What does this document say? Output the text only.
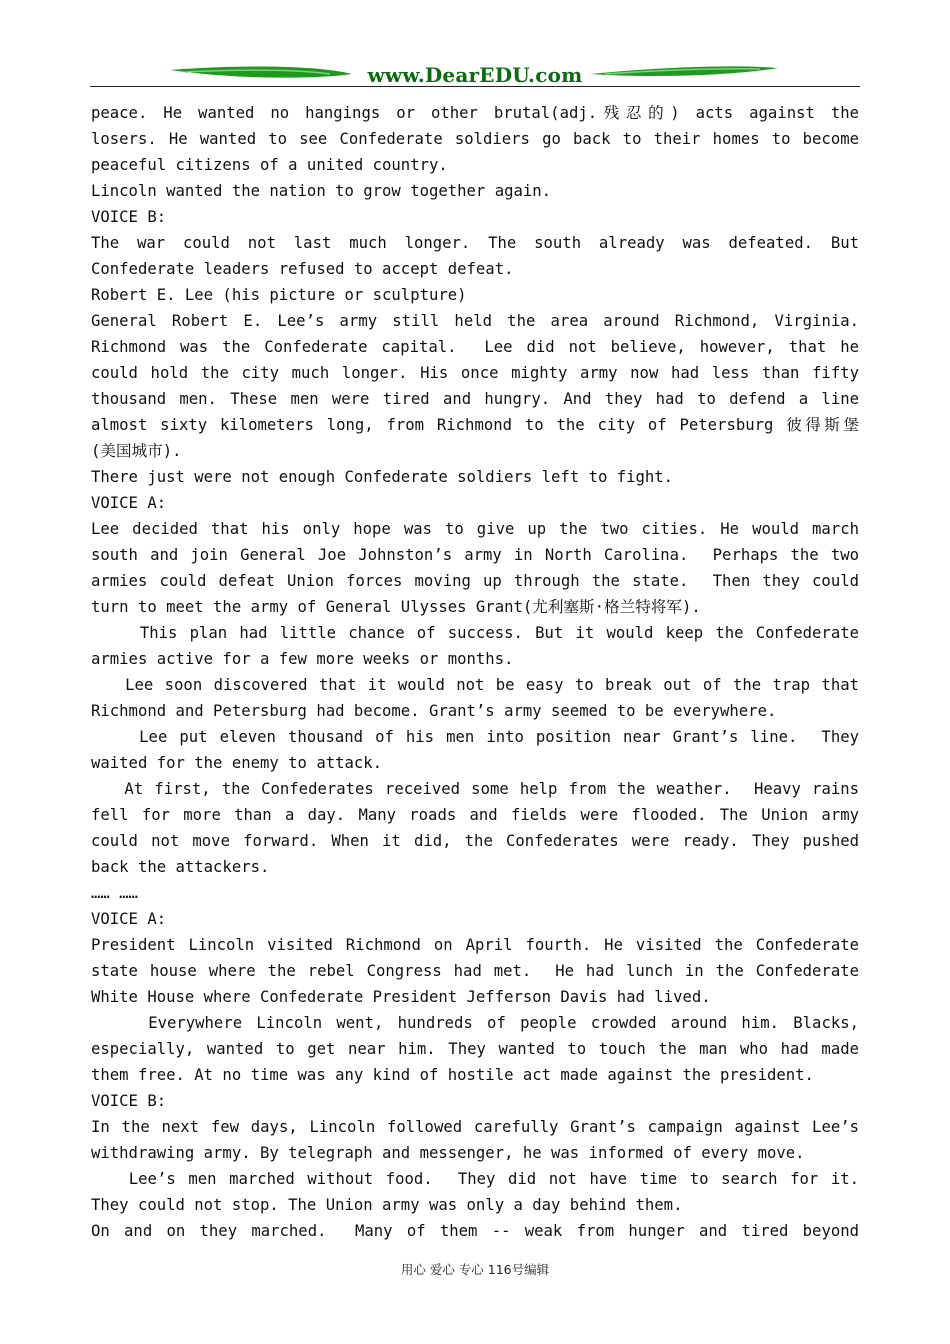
www.DearEDU.com
peace. He wanted no hangings or other brutal(adj.残忍的) acts against the
losers. He wanted to see Confederate soldiers go back to their homes to become
peaceful citizens of a united country.
Lincoln wanted the nation to grow together again.
VOICE B:
The war could not last much longer. The south already was defeated. But
Confederate leaders refused to accept defeat.
Robert E. Lee (his picture or sculpture)
General Robert E. Lee’s army still held the area around Richmond, Virginia.
Richmond was the Confederate capital.  Lee did not believe, however, that he
could hold the city much longer. His once mighty army now had less than fifty
thousand men. These men were tired and hungry. And they had to defend a line
almost sixty kilometers long, from Richmond to the city of Petersburg 彼得斯堡
(美国城市).
There just were not enough Confederate soldiers left to fight.
VOICE A:
Lee decided that his only hope was to give up the two cities. He would march
south and join General Joe Johnston’s army in North Carolina.  Perhaps the two
armies could defeat Union forces moving up through the state.  Then they could
turn to meet the army of General Ulysses Grant(尤利塞斯·格兰特将军).
This plan had little chance of success. But it would keep the Confederate
armies active for a few more weeks or months.
Lee soon discovered that it would not be easy to break out of the trap that
Richmond and Petersburg had become. Grant’s army seemed to be everywhere.
Lee put eleven thousand of his men into position near Grant’s line.  They
waited for the enemy to attack.
At first, the Confederates received some help from the weather.  Heavy rains
fell for more than a day. Many roads and fields were flooded. The Union army
could not move forward. When it did, the Confederates were ready. They pushed
back the attackers.
…… ……
VOICE A:
President Lincoln visited Richmond on April fourth. He visited the Confederate
state house where the rebel Congress had met.  He had lunch in the Confederate
White House where Confederate President Jefferson Davis had lived.
Everywhere Lincoln went, hundreds of people crowded around him. Blacks,
especially, wanted to get near him. They wanted to touch the man who had made
them free. At no time was any kind of hostile act made against the president.
VOICE B:
In the next few days, Lincoln followed carefully Grant’s campaign against Lee’s
withdrawing army. By telegraph and messenger, he was informed of every move.
Lee’s men marched without food.  They did not have time to search for it.
They could not stop. The Union army was only a day behind them.
On and on they marched.  Many of them -- weak from hunger and tired beyond
用心 爱心 专心 116号编辑
